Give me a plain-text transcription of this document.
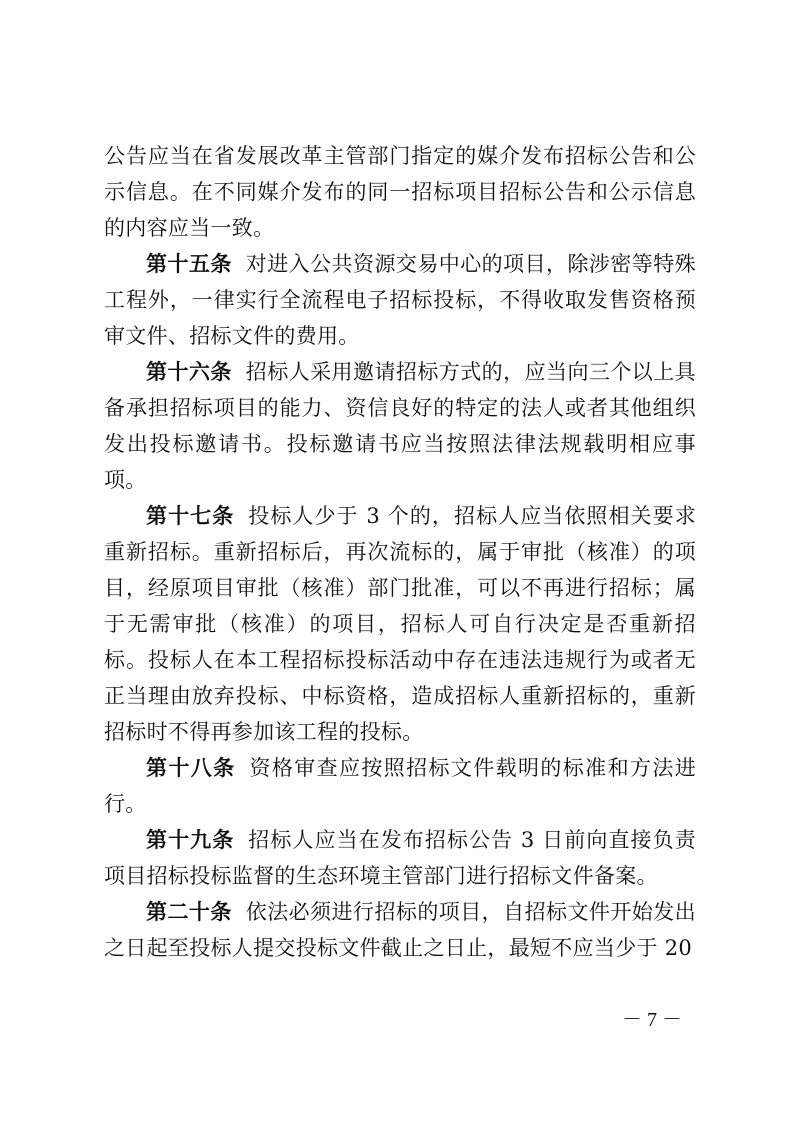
公告应当在省发展改革主管部门指定的媒介发布招标公告和公示信息。在不同媒介发布的同一招标项目招标公告和公示信息的内容应当一致。

第十五条 对进入公共资源交易中心的项目，除涉密等特殊工程外，一律实行全流程电子招标投标，不得收取发售资格预审文件、招标文件的费用。

第十六条 招标人采用邀请招标方式的，应当向三个以上具备承担招标项目的能力、资信良好的特定的法人或者其他组织发出投标邀请书。投标邀请书应当按照法律法规载明相应事项。

第十七条 投标人少于 3 个的，招标人应当依照相关要求重新招标。重新招标后，再次流标的，属于审批（核准）的项目，经原项目审批（核准）部门批准，可以不再进行招标；属于无需审批（核准）的项目，招标人可自行决定是否重新招标。投标人在本工程招标投标活动中存在违法违规行为或者无正当理由放弃投标、中标资格，造成招标人重新招标的，重新招标时不得再参加该工程的投标。

第十八条 资格审查应按照招标文件载明的标准和方法进行。

第十九条 招标人应当在发布招标公告 3 日前向直接负责项目招标投标监督的生态环境主管部门进行招标文件备案。

第二十条 依法必须进行招标的项目，自招标文件开始发出之日起至投标人提交投标文件截止之日止，最短不应当少于 20

－ 7 －
